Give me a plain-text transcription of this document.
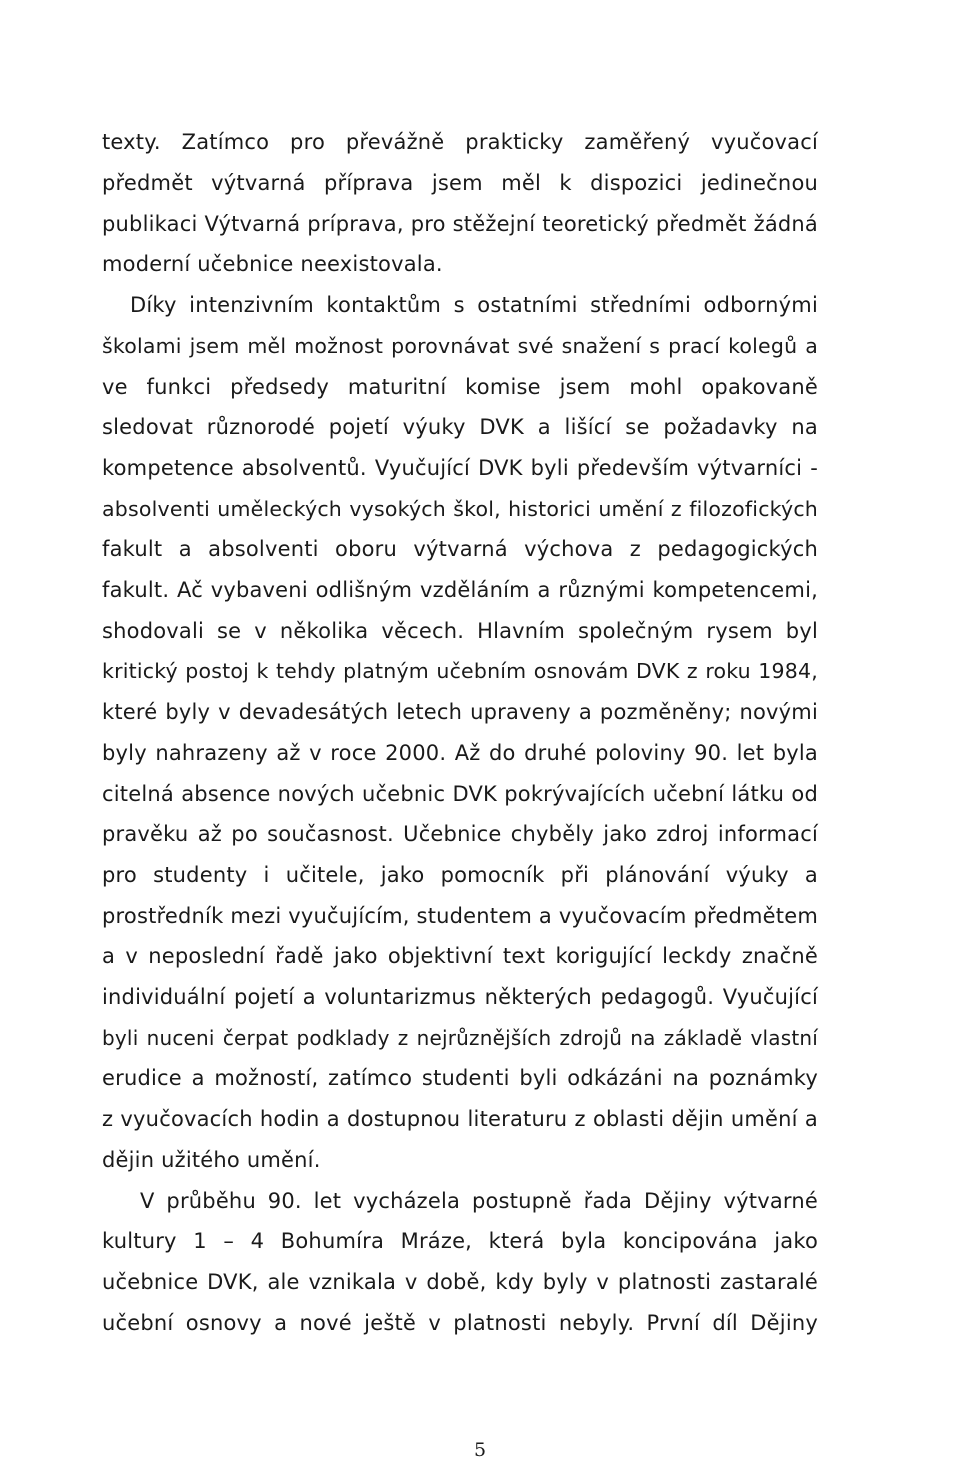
texty. Zatímco pro převážně prakticky zaměřený vyučovací
předmět výtvarná příprava jsem měl k dispozici jedinečnou
publikaci Výtvarná príprava, pro stěžejní teoretický předmět žádná
moderní učebnice neexistovala.
Díky intenzivním kontaktům s ostatními středními odbornými
školami jsem měl možnost porovnávat své snažení s prací kolegů a
ve funkci předsedy maturitní komise jsem mohl opakovaně
sledovat různorodé pojetí výuky DVK a lišící se požadavky na
kompetence absolventů. Vyučující DVK byli především výtvarníci -
absolventi uměleckých vysokých škol, historici umění z filozofických
fakult a absolventi oboru výtvarná výchova z pedagogických
fakult. Ač vybaveni odlišným vzděláním a různými kompetencemi,
shodovali se v několika věcech. Hlavním společným rysem byl
kritický postoj k tehdy platným učebním osnovám DVK z roku 1984,
které byly v devadesátých letech upraveny a pozměněny; novými
byly nahrazeny až v roce 2000. Až do druhé poloviny 90. let byla
citelná absence nových učebnic DVK pokrývajících učební látku od
pravěku až po současnost. Učebnice chyběly jako zdroj informací
pro studenty i učitele, jako pomocník při plánování výuky a
prostředník mezi vyučujícím, studentem a vyučovacím předmětem
a v neposlední řadě jako objektivní text korigující leckdy značně
individuální pojetí a voluntarizmus některých pedagogů. Vyučující
byli nuceni čerpat podklady z nejrůznějších zdrojů na základě vlastní
erudice a možností, zatímco studenti byli odkázáni na poznámky
z vyučovacích hodin a dostupnou literaturu z oblasti dějin umění a
dějin užitého umění.
V průběhu 90. let vycházela postupně řada Dějiny výtvarné
kultury 1 – 4 Bohumíra Mráze, která byla koncipována jako
učebnice DVK, ale vznikala v době, kdy byly v platnosti zastaralé
učební osnovy a nové ještě v platnosti nebyly. První díl Dějiny
5
